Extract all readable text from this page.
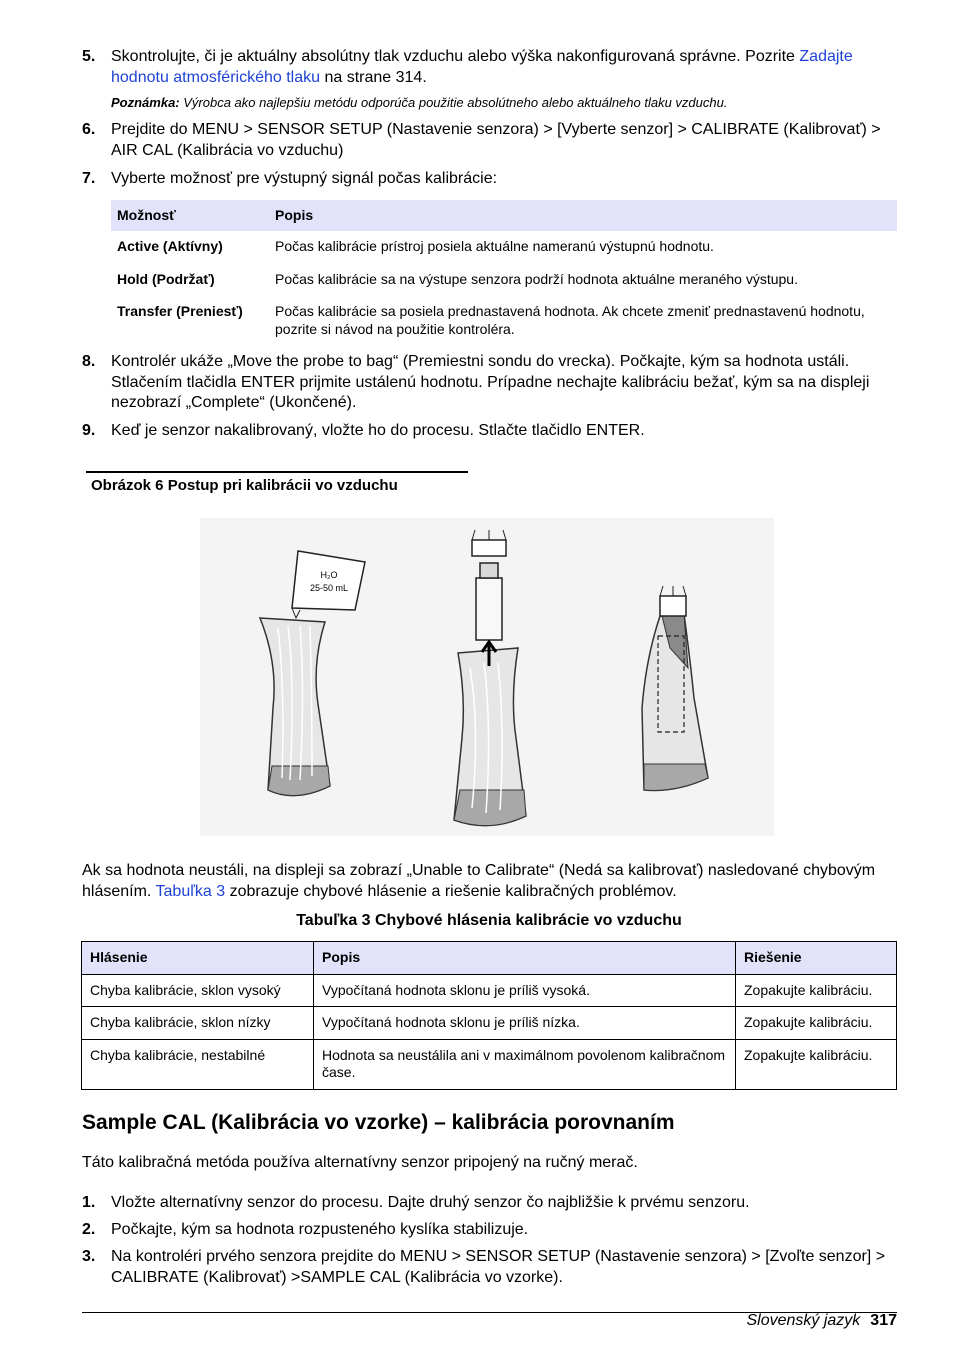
5. Skontrolujte, či je aktuálny absolútny tlak vzduchu alebo výška nakonfigurovaná správne. Pozrite Zadajte hodnotu atmosférického tlaku na strane 314.
Poznámka: Výrobca ako najlepšiu metódu odporúča použitie absolútneho alebo aktuálneho tlaku vzduchu.
6. Prejdite do MENU > SENSOR SETUP (Nastavenie senzora) > [Vyberte senzor] > CALIBRATE (Kalibrovať) > AIR CAL (Kalibrácia vo vzduchu)
7. Vyberte možnosť pre výstupný signál počas kalibrácie:
Možnosť	Popis
Active (Aktívny)	Počas kalibrácie prístroj posiela aktuálne nameranú výstupnú hodnotu.
Hold (Podržať)	Počas kalibrácie sa na výstupe senzora podrží hodnota aktuálne meraného výstupu.
Transfer (Preniesť)	Počas kalibrácie sa posiela prednastavená hodnota. Ak chcete zmeniť prednastavenú hodnotu, pozrite si návod na použitie kontroléra.
8. Kontrolér ukáže „Move the probe to bag“ (Premiestni sondu do vrecka). Počkajte, kým sa hodnota ustáli. Stlačením tlačidla ENTER prijmite ustálenú hodnotu. Prípadne nechajte kalibráciu bežať, kým sa na displeji nezobrazí „Complete“ (Ukončené).
9. Keď je senzor nakalibrovaný, vložte ho do procesu. Stlačte tlačidlo ENTER.
Obrázok 6 Postup pri kalibrácii vo vzduchu
H₂O
25-50 mL
Ak sa hodnota neustáli, na displeji sa zobrazí „Unable to Calibrate“ (Nedá sa kalibrovať) nasledované chybovým hlásením. Tabuľka 3 zobrazuje chybové hlásenie a riešenie kalibračných problémov.
Tabuľka 3 Chybové hlásenia kalibrácie vo vzduchu
Hlásenie	Popis	Riešenie
Chyba kalibrácie, sklon vysoký	Vypočítaná hodnota sklonu je príliš vysoká.	Zopakujte kalibráciu.
Chyba kalibrácie, sklon nízky	Vypočítaná hodnota sklonu je príliš nízka.	Zopakujte kalibráciu.
Chyba kalibrácie, nestabilné	Hodnota sa neustálila ani v maximálnom povolenom kalibračnom čase.	Zopakujte kalibráciu.
Sample CAL (Kalibrácia vo vzorke) – kalibrácia porovnaním
Táto kalibračná metóda používa alternatívny senzor pripojený na ručný merač.
1. Vložte alternatívny senzor do procesu. Dajte druhý senzor čo najbližšie k prvému senzoru.
2. Počkajte, kým sa hodnota rozpusteného kyslíka stabilizuje.
3. Na kontroléri prvého senzora prejdite do MENU > SENSOR SETUP (Nastavenie senzora) > [Zvoľte senzor] > CALIBRATE (Kalibrovať) >SAMPLE CAL (Kalibrácia vo vzorke).
Slovenský jazyk 317
